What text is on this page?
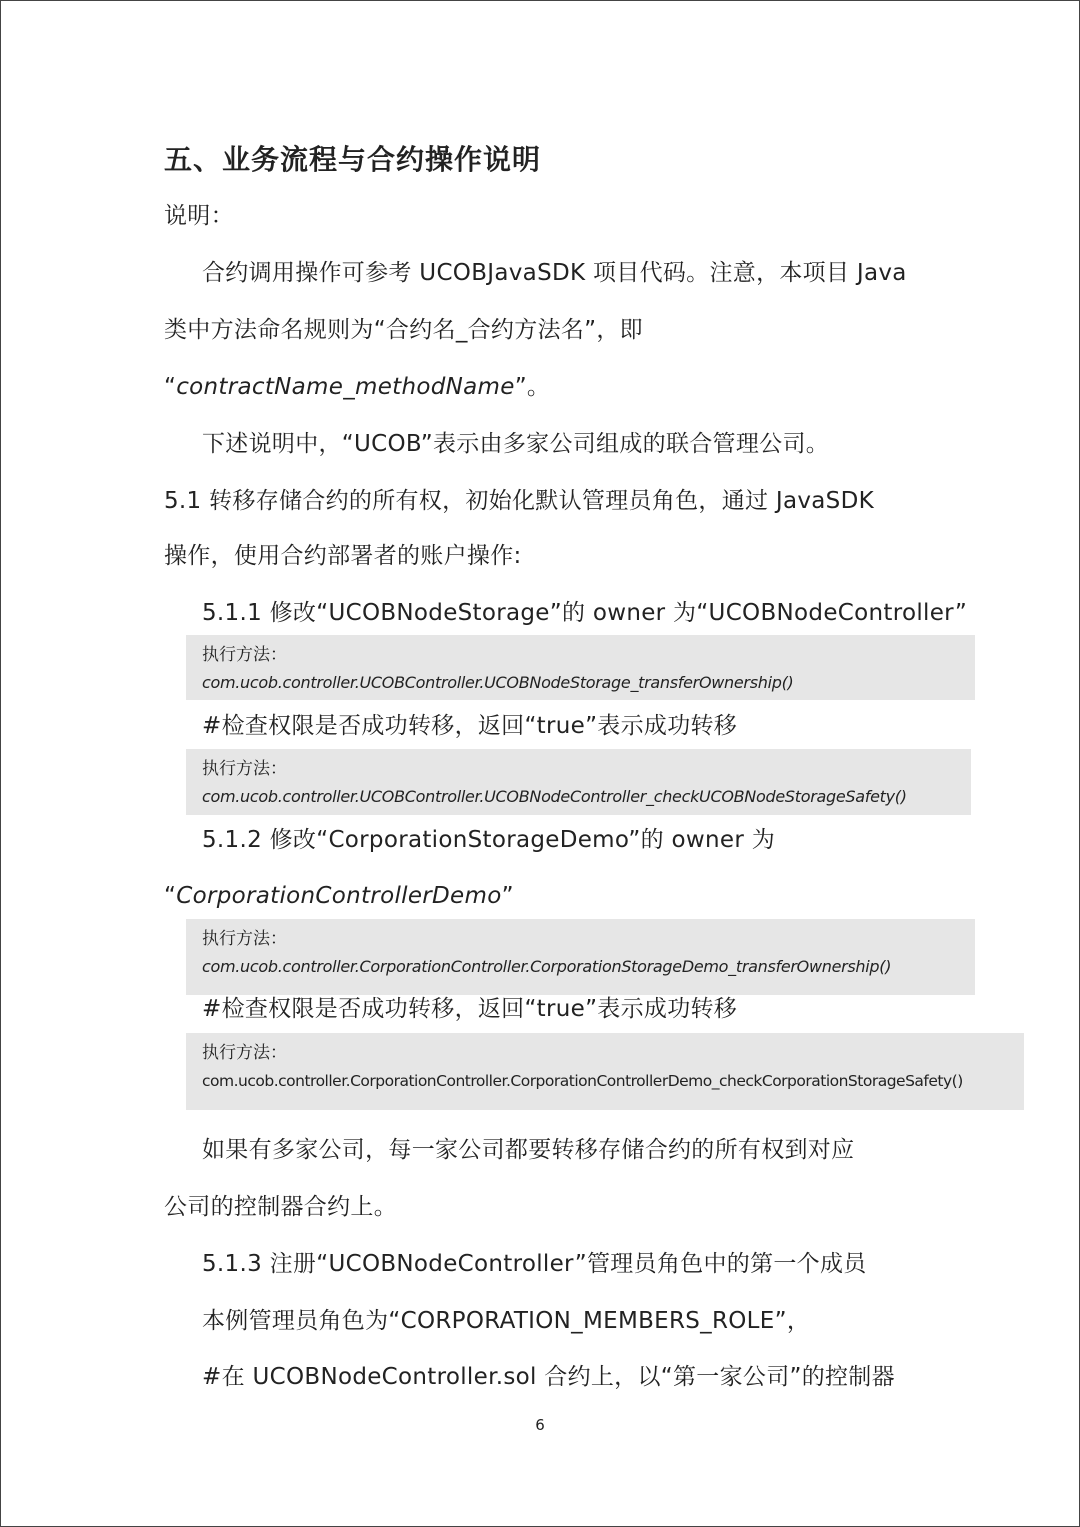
五、业务流程与合约操作说明
说明：
合约调用操作可参考 UCOBJavaSDK 项目代码。注意，本项目 Java
类中方法命名规则为“合约名_合约方法名”，即
“contractName_methodName”。
下述说明中，“UCOB”表示由多家公司组成的联合管理公司。
5.1 转移存储合约的所有权，初始化默认管理员角色，通过 JavaSDK
操作，使用合约部署者的账户操作:
5.1.1 修改“UCOBNodeStorage”的 owner 为“UCOBNodeController”
执行方法：
com.ucob.controller.UCOBController.UCOBNodeStorage_transferOwnership()
#检查权限是否成功转移，返回“true”表示成功转移
执行方法：
com.ucob.controller.UCOBController.UCOBNodeController_checkUCOBNodeStorageSafety()
5.1.2 修改“CorporationStorageDemo”的 owner 为
“CorporationControllerDemo”
执行方法：
com.ucob.controller.CorporationController.CorporationStorageDemo_transferOwnership()
#检查权限是否成功转移，返回“true”表示成功转移
执行方法：
com.ucob.controller.CorporationController.CorporationControllerDemo_checkCorporationStorageSafety()
如果有多家公司，每一家公司都要转移存储合约的所有权到对应
公司的控制器合约上。
5.1.3 注册“UCOBNodeController”管理员角色中的第一个成员
本例管理员角色为“CORPORATION_MEMBERS_ROLE”，
#在 UCOBNodeController.sol 合约上，以“第一家公司”的控制器
6
